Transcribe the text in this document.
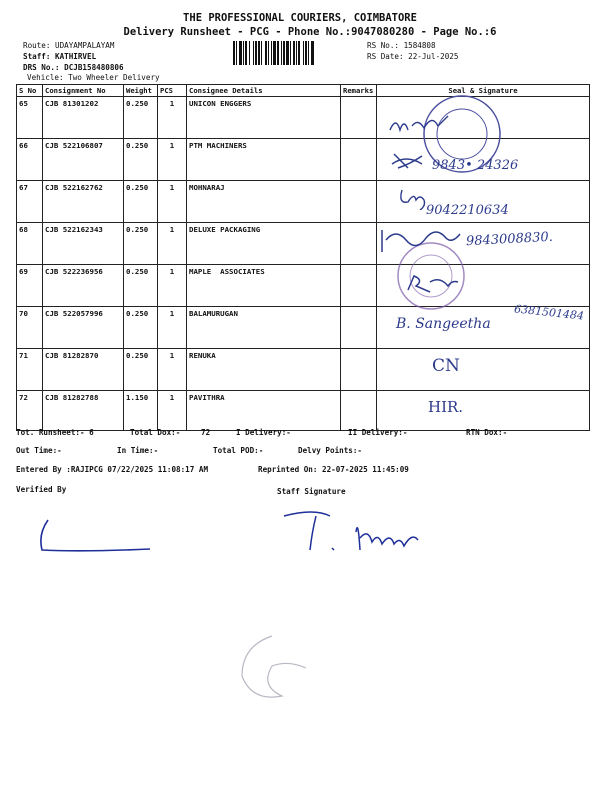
THE PROFESSIONAL COURIERS, COIMBATORE
Delivery Runsheet - PCG - Phone No.:9047080280 - Page No.:6
Route: UDAYAMPALAYAM
Staff: KATHIRVEL
DRS No.: DCJB158480806
Vehicle: Two Wheeler Delivery
RS No.: 1584808
RS Date: 22-Jul-2025
S No	Consignment No	Weight	PCS	Consignee Details	Remarks	Seal & Signature
65	CJB 81301202	0.250	1	UNICON ENGGERS		
66	CJB 522106807	0.250	1	PTM MACHINERS		
67	CJB 522162762	0.250	1	MOHNARAJ		
68	CJB 522162343	0.250	1	DELUXE PACKAGING		
69	CJB 522236956	0.250	1	MAPLE  ASSOCIATES		
70	CJB 522057996	0.250	1	BALAMURUGAN		
71	CJB 81282870	0.250	1	RENUKA		
72	CJB 81282788	1.150	1	PAVITHRA		
9843• 24326
9042210634
9843008830.
6381501484
B. Sangeetha
CN
HIR.
Tot. Runsheet:- 6	Total Dox:-	72	I Delivery:-	II Delivery:-	RTN Dox:-
Out Time:-	In Time:-	Total POD:-	Delvy Points:-
Entered By :RAJIPCG 07/22/2025 11:08:17 AM	Reprinted On: 22-07-2025 11:45:09
Verified By	Staff Signature
